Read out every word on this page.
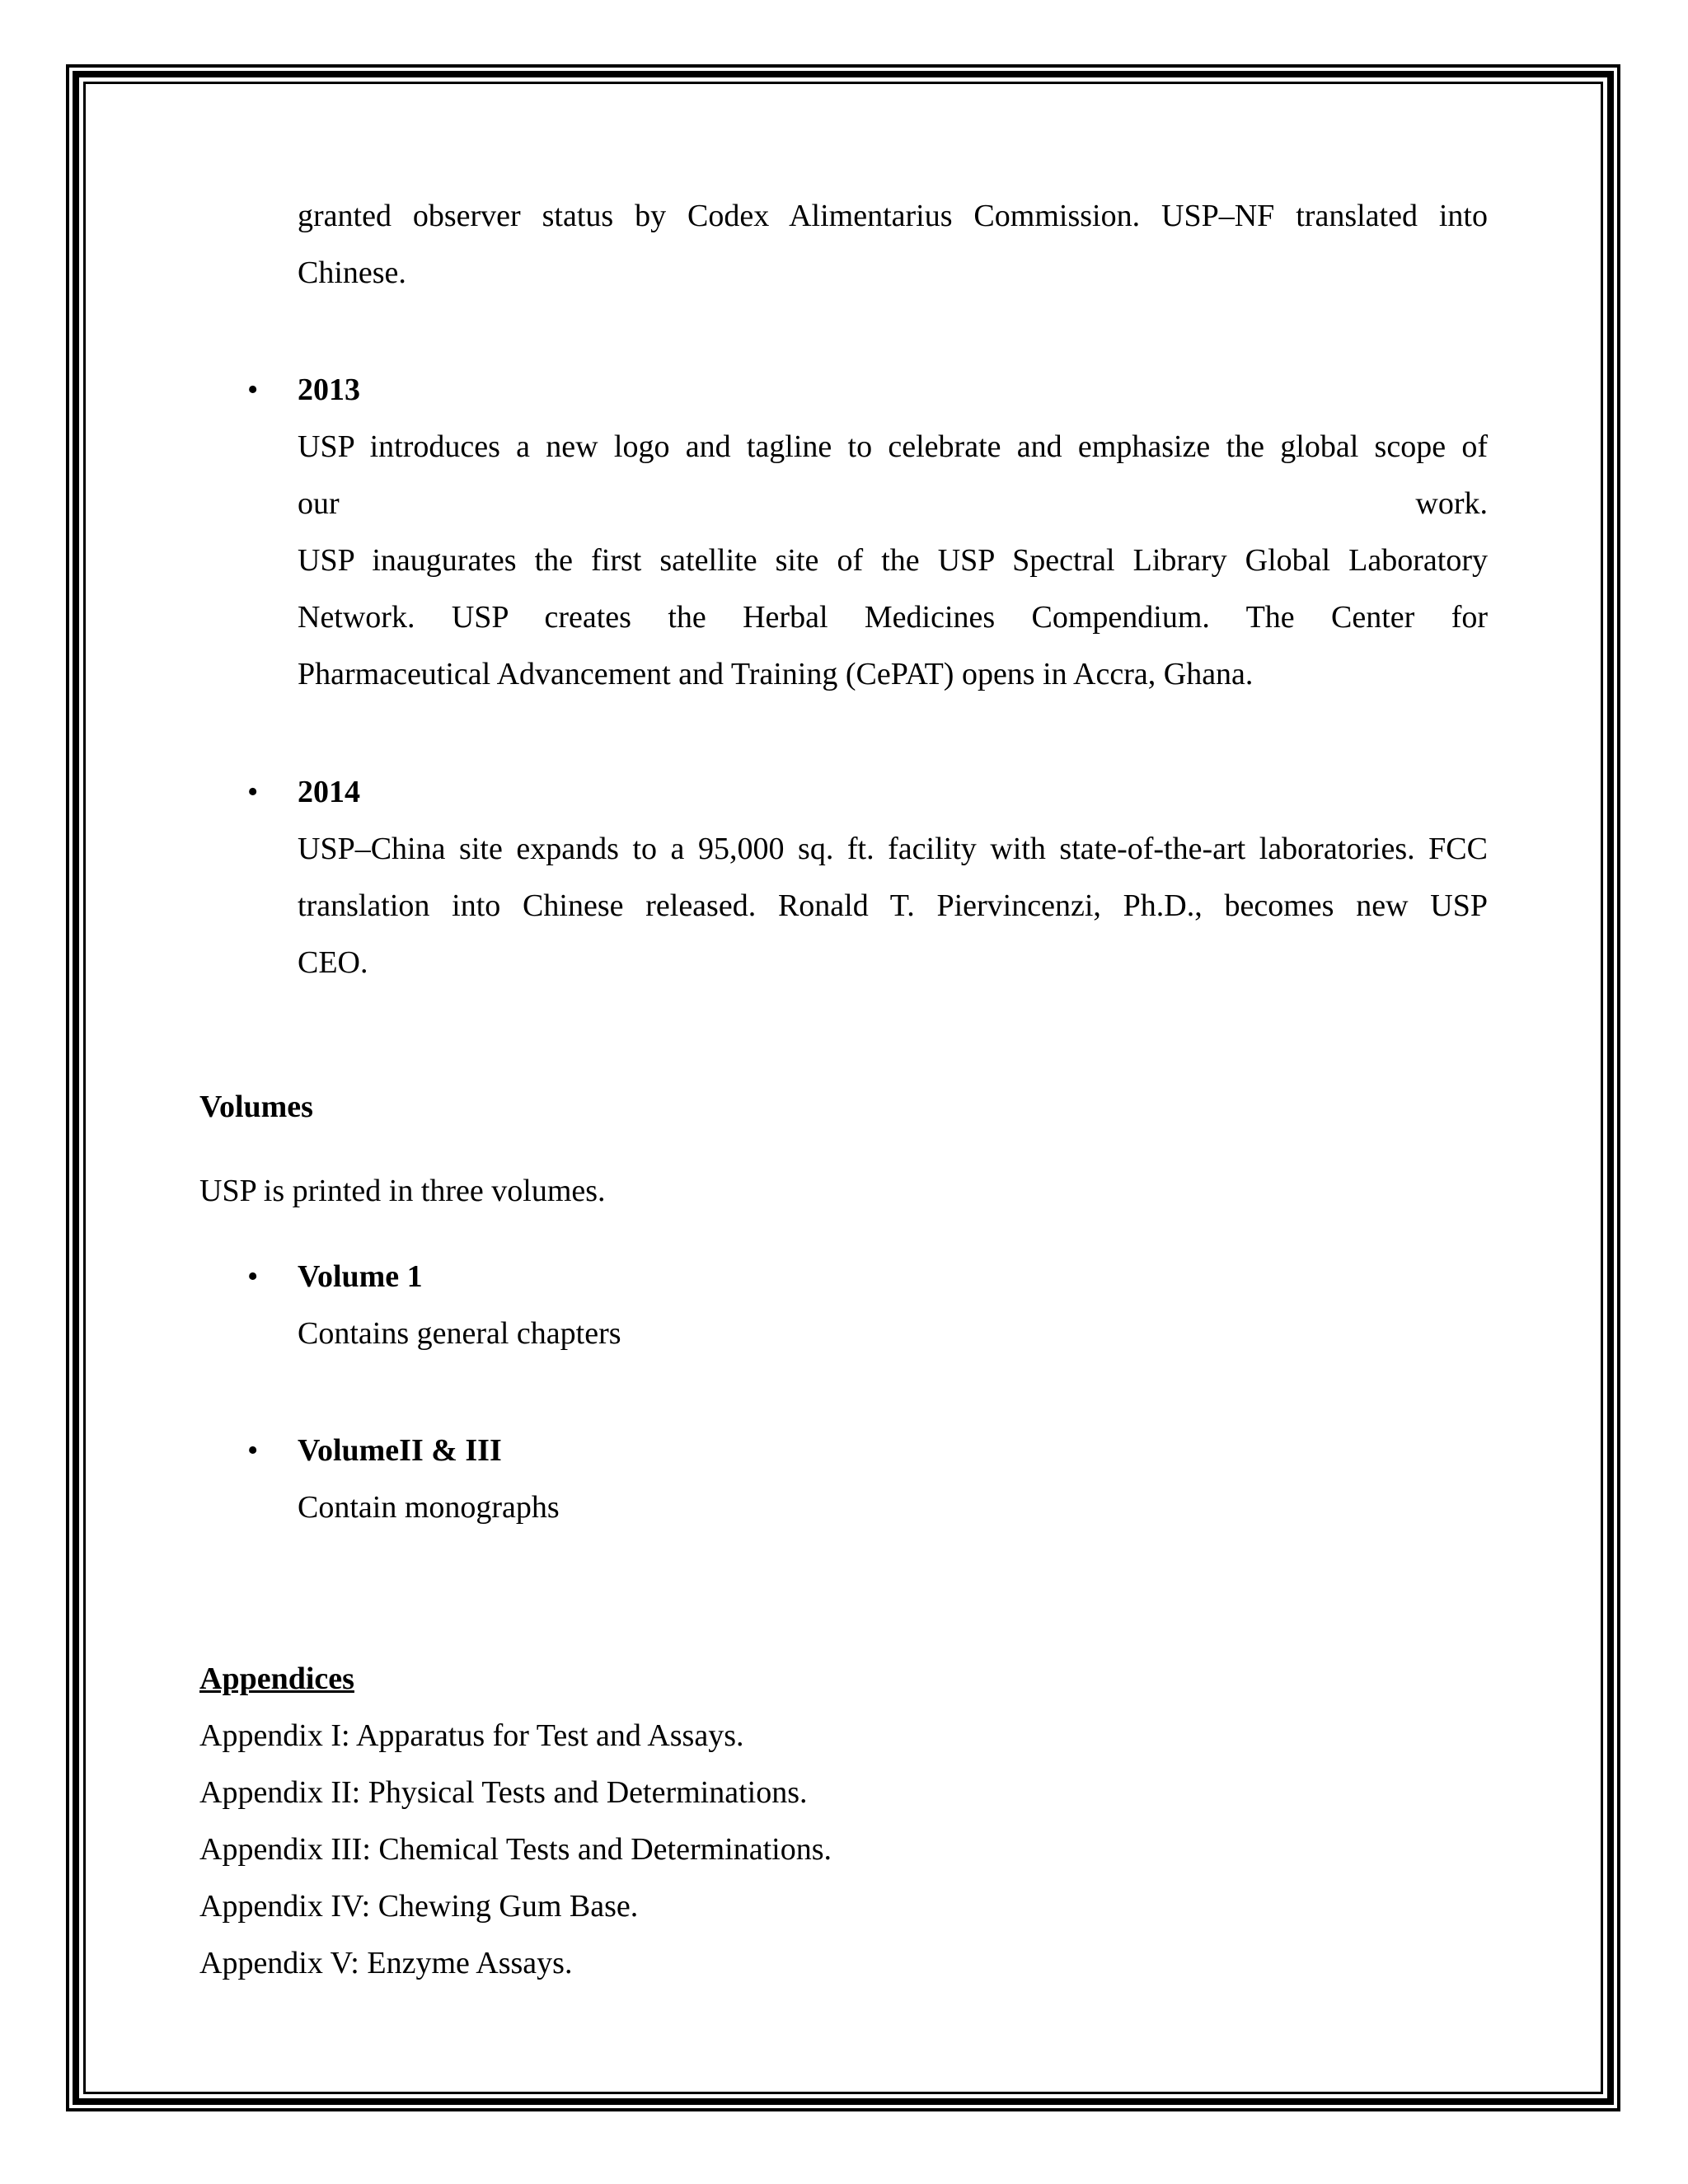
granted observer status by Codex Alimentarius Commission. USP–NF translated into
Chinese.
• 2013
USP introduces a new logo and tagline to celebrate and emphasize the global scope of
our	work.
USP inaugurates the first satellite site of the USP Spectral Library Global Laboratory
Network. USP creates the Herbal Medicines Compendium. The Center for
Pharmaceutical Advancement and Training (CePAT) opens in Accra, Ghana.
• 2014
USP–China site expands to a 95,000 sq. ft. facility with state-of-the-art laboratories. FCC
translation into Chinese released. Ronald T. Piervincenzi, Ph.D., becomes new USP
CEO.
Volumes
USP is printed in three volumes.
• Volume 1
Contains general chapters
• VolumeII & III
Contain monographs
Appendices
Appendix I: Apparatus for Test and Assays.
Appendix II: Physical Tests and Determinations.
Appendix III: Chemical Tests and Determinations.
Appendix IV: Chewing Gum Base.
Appendix V: Enzyme Assays.
